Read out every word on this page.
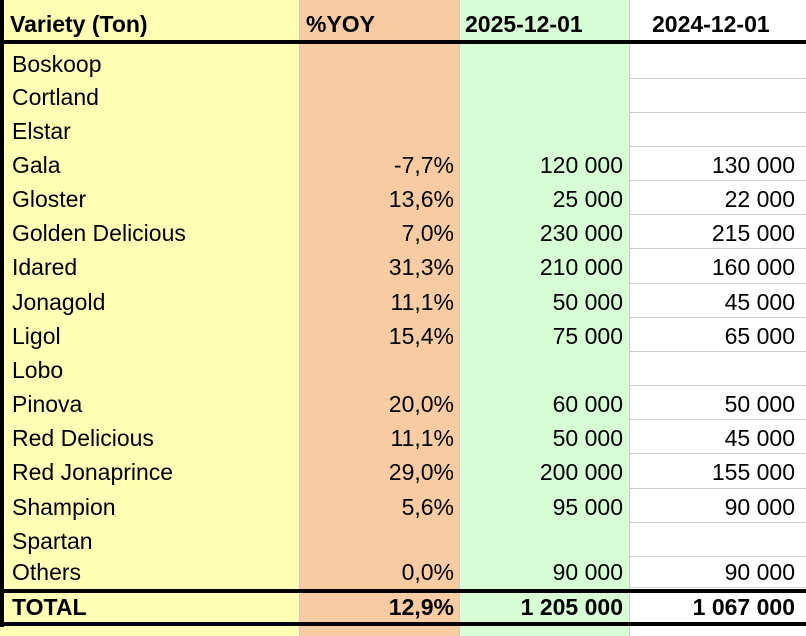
Variety (Ton)	%YOY	2025-12-01	2024-12-01
Boskoop
Cortland
Elstar
Gala	-7,7%	120 000	130 000
Gloster	13,6%	25 000	22 000
Golden Delicious	7,0%	230 000	215 000
Idared	31,3%	210 000	160 000
Jonagold	11,1%	50 000	45 000
Ligol	15,4%	75 000	65 000
Lobo
Pinova	20,0%	60 000	50 000
Red Delicious	11,1%	50 000	45 000
Red Jonaprince	29,0%	200 000	155 000
Shampion	5,6%	95 000	90 000
Spartan
Others	0,0%	90 000	90 000
TOTAL	12,9%	1 205 000	1 067 000
